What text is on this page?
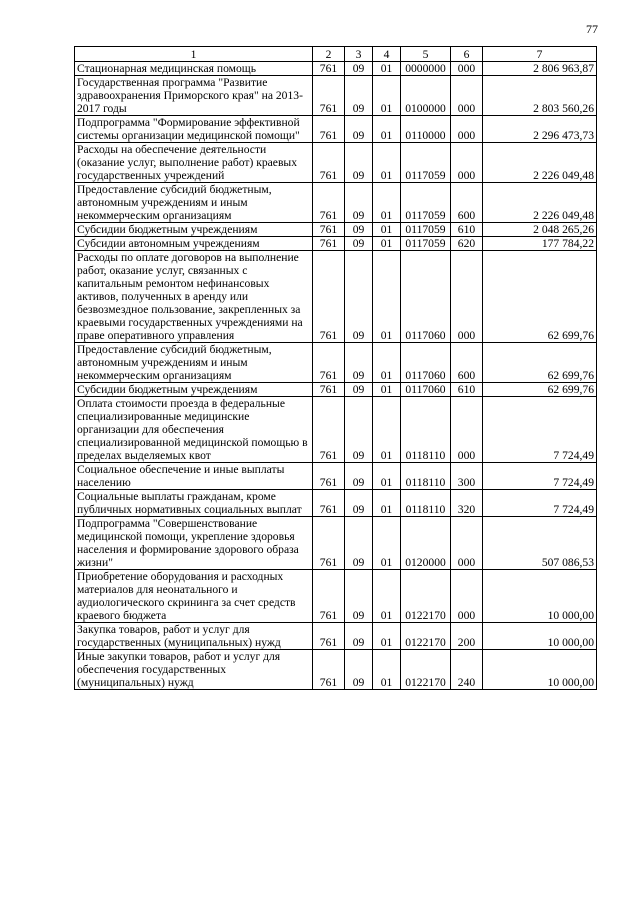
77
1	2	3	4	5	6	7
Стационарная медицинская помощь	761	09	01	0000000	000	2 806 963,87
Государственная программа "Развитие здравоохранения Приморского края" на 2013-2017 годы	761	09	01	0100000	000	2 803 560,26
Подпрограмма "Формирование эффективной системы организации медицинской помощи"	761	09	01	0110000	000	2 296 473,73
Расходы на обеспечение деятельности (оказание услуг, выполнение работ) краевых государственных учреждений	761	09	01	0117059	000	2 226 049,48
Предоставление субсидий бюджетным, автономным учреждениям и иным некоммерческим организациям	761	09	01	0117059	600	2 226 049,48
Субсидии бюджетным учреждениям	761	09	01	0117059	610	2 048 265,26
Субсидии автономным учреждениям	761	09	01	0117059	620	177 784,22
Расходы по оплате договоров на выполнение работ, оказание услуг, связанных с капитальным ремонтом нефинансовых активов, полученных в аренду или безвозмездное пользование, закрепленных за краевыми государственных учреждениями на праве оперативного управления	761	09	01	0117060	000	62 699,76
Предоставление субсидий бюджетным, автономным учреждениям и иным некоммерческим организациям	761	09	01	0117060	600	62 699,76
Субсидии бюджетным учреждениям	761	09	01	0117060	610	62 699,76
Оплата стоимости проезда в федеральные специализированные медицинские организации для обеспечения специализированной медицинской помощью в пределах выделяемых квот	761	09	01	0118110	000	7 724,49
Социальное обеспечение и иные выплаты населению	761	09	01	0118110	300	7 724,49
Социальные выплаты гражданам, кроме публичных нормативных социальных выплат	761	09	01	0118110	320	7 724,49
Подпрограмма "Совершенствование медицинской помощи, укрепление здоровья населения и формирование здорового образа жизни"	761	09	01	0120000	000	507 086,53
Приобретение оборудования и расходных материалов для неонатального и аудиологического скрининга за счет средств краевого бюджета	761	09	01	0122170	000	10 000,00
Закупка товаров, работ и услуг для государственных (муниципальных) нужд	761	09	01	0122170	200	10 000,00
Иные закупки товаров, работ и услуг для обеспечения государственных (муниципальных) нужд	761	09	01	0122170	240	10 000,00
